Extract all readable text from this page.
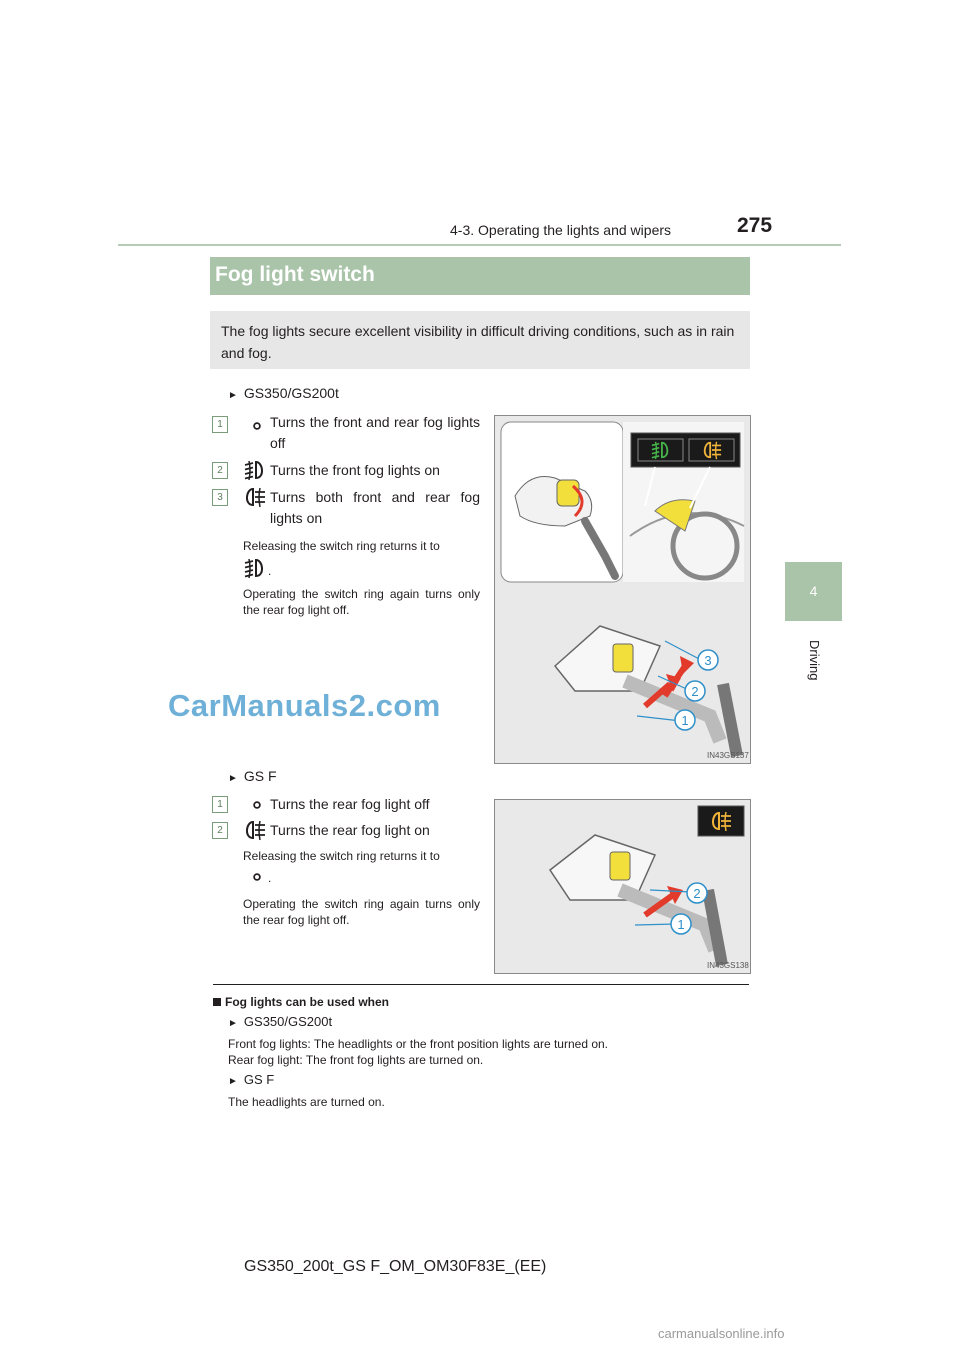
4-3. Operating the lights and wipers	275
4
Driving
Fog light switch
The fog lights secure excellent visibility in difficult driving conditions, such as in rain and fog.
► GS350/GS200t
1	Turns the front and rear fog lights off
2	Turns the front fog lights on
3	Turns both front and rear fog lights on
Releasing the switch ring returns it to
.
Operating the switch ring again turns only the rear fog light off.
1
2
3
IN43GS137
► GS F
1	Turns the rear fog light off
2	Turns the rear fog light on
Releasing the switch ring returns it to
.
Operating the switch ring again turns only the rear fog light off.	1
2
IN43GS138
Fog lights can be used when
► GS350/GS200t
Front fog lights: The headlights or the front position lights are turned on.
Rear fog light: The front fog lights are turned on.
► GS F
The headlights are turned on.
GS350_200t_GS F_OM_OM30F83E_(EE)
CarManuals2.com
carmanualsonline.info
